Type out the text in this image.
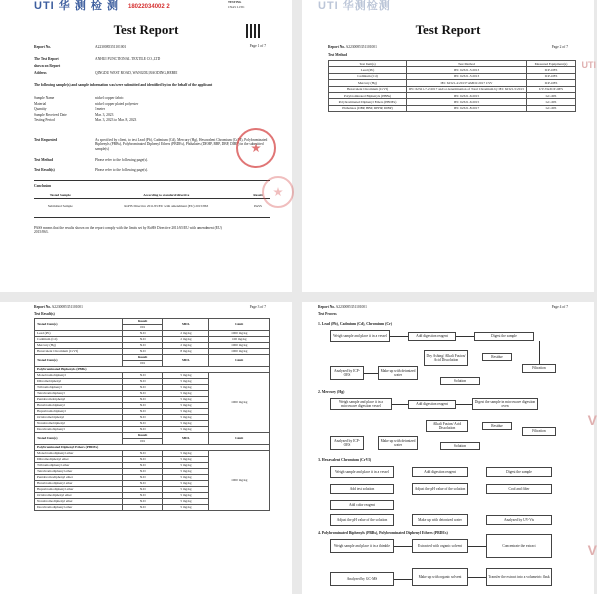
UTI 华 测 检 测 18022034002 2
TESTING
CNAS L1351
Test Report
Page 1 of 7
Report No.	A2230085351101001
The Test Report	ANHUI FUNCTIONAL TEXTILE CO.,LTD
shown on Report
Address	QINGDU WEST ROAD, WANGDU,BAODING,HEBEI
The following sample(s) and sample information was/were submitted and identified by/on the behalf of the applicant
Sample Name	nickel copper fabric
Material	nickel copper plated polyester
Quantity	1meter
Sample Received Date	Mar. 3, 2023
Testing Period	Mar. 3, 2023 to Mar. 8, 2023
Test Requested	As specified by client, to test Lead (Pb), Cadmium (Cd), Mercury (Hg), Hexavalent Chromium (CrVI), Polybrominated Biphenyls (PBBs), Polybrominated Diphenyl Ethers (PBDEs), Phthalates (DEHP, BBP, DBP, DIBP) in the submitted sample(s)
Test Method	Please refer to the following page(s).
Test Result(s)	Please refer to the following page(s).
Conclusion
Tested Sample	According to standard/directive	Result
Submitted Sample	RoHS Directive 2011/65/EU with amendment (EU) 2015/863	PASS
PASS means that the results shown on the report comply with the limits set by RoHS Directive 2011/65/EU with amendment (EU) 2015/863.
UTI 华测检测
Test Report
Report No. A2230085351101001	Page 2 of 7
Test Method
Test Item(s)	Test Method	Measured Equipment(s)
Lead (Pb)	IEC 62321-5:2013	ICP-OES
Cadmium (Cd)	IEC 62321-5:2013	ICP-OES
Mercury (Hg)	IEC 62321-4:2013+AMD1:2017 CSV	ICP-OES
Hexavalent Chromium (CrVI)	IEC 62321-7-2:2017 and/or determination of Total Chromium by IEC 62321-5:2013	UV-Vis/ICP-OES
Polybrominated Biphenyls (PBBs)	IEC 62321-6:2015	GC-MS
Polybrominated Diphenyl Ethers (PBDEs)	IEC 62321-6:2015	GC-MS
Phthalates (DBP, BBP, DEHP, DIBP)	IEC 62321-8:2017	GC-MS
UTI
Report No. A2230085351101001	Page 3 of 7
Test Result(s)
Tested Item(s)	Result	MDL	Limit
	001		
Lead (Pb)	N.D	2 mg/kg	1000 mg/kg
Cadmium (Cd)	N.D	2 mg/kg	100 mg/kg
Mercury (Hg)	N.D	2 mg/kg	1000 mg/kg
Hexavalent Chromium (CrVI)	N.D	8 mg/kg	1000 mg/kg
Tested Item(s)	Result	MDL	Limit
	001		
Polybrominated Biphenyls (PBBs)			
Monobromobiphenyl	N.D	5 mg/kg	1000 mg/kg
Dibromobiphenyl	N.D	5 mg/kg	
Tribromobiphenyl	N.D	5 mg/kg	
Tetrabromobiphenyl	N.D	5 mg/kg	
Pentabromobiphenyl	N.D	5 mg/kg	
Hexabromobiphenyl	N.D	5 mg/kg	
Heptabromobiphenyl	N.D	5 mg/kg	
Octabromobiphenyl	N.D	5 mg/kg	
Nonabromobiphenyl	N.D	5 mg/kg	
Decabromobiphenyl	N.D	5 mg/kg	
Tested Item(s)	Result	MDL	Limit
	001		
Polybrominated Diphenyl Ethers (PBDEs)			
Monobromodiphenyl ether	N.D	5 mg/kg	1000 mg/kg
Dibromodiphenyl ether	N.D	5 mg/kg	
Tribromodiphenyl ether	N.D	5 mg/kg	
Tetrabromodiphenyl ether	N.D	5 mg/kg	
Pentabromodiphenyl ether	N.D	5 mg/kg	
Hexabromodiphenyl ether	N.D	5 mg/kg	
Heptabromodiphenyl ether	N.D	5 mg/kg	
Octabromodiphenyl ether	N.D	5 mg/kg	
Nonabromodiphenyl ether	N.D	5 mg/kg	
Decabromodiphenyl ether	N.D	5 mg/kg	
Report No. A2230085351101001	Page 4 of 7
Test Process
V
V
1. Lead (Pb), Cadmium (Cd), Chromium (Cr)
Weigh sample and place it in a vessel	Add digestion reagent	Digest the sample
Dry Ashing/ Alkali Fusion/ Acid Dissolution
Residue
Filtration
Analyzed by ICP-OES
Make up with deionized water
Solution
2. Mercury (Hg)
Weigh sample and place it in a microwave digestion vessel	Add digestion reagent
Digest the sample in microwave digestion oven
Alkali Fusion/ Acid Dissolution
Residue
Filtration
Analyzed by ICP-OES
Make up with deionized water	Solution
3. Hexavalent Chromium (CrVI)
Weigh sample and place it in a vessel	Add digestion reagent	Digest the sample
Add test solution	Adjust the pH value of the solution	Cool and filter
Add color reagent
Adjust the pH value of the solution	Make up with deionized water	Analyzed by UV-Vis
4. Polybrominated Biphenyls (PBBs), Polybrominated Diphenyl Ethers (PBDEs)
Weigh sample and place it in a thimble	Extracted with organic solvent	Concentrate the extract
Analyzed by GC-MS	Make up with organic solvent	Transfer the extract into a volumetric flask
